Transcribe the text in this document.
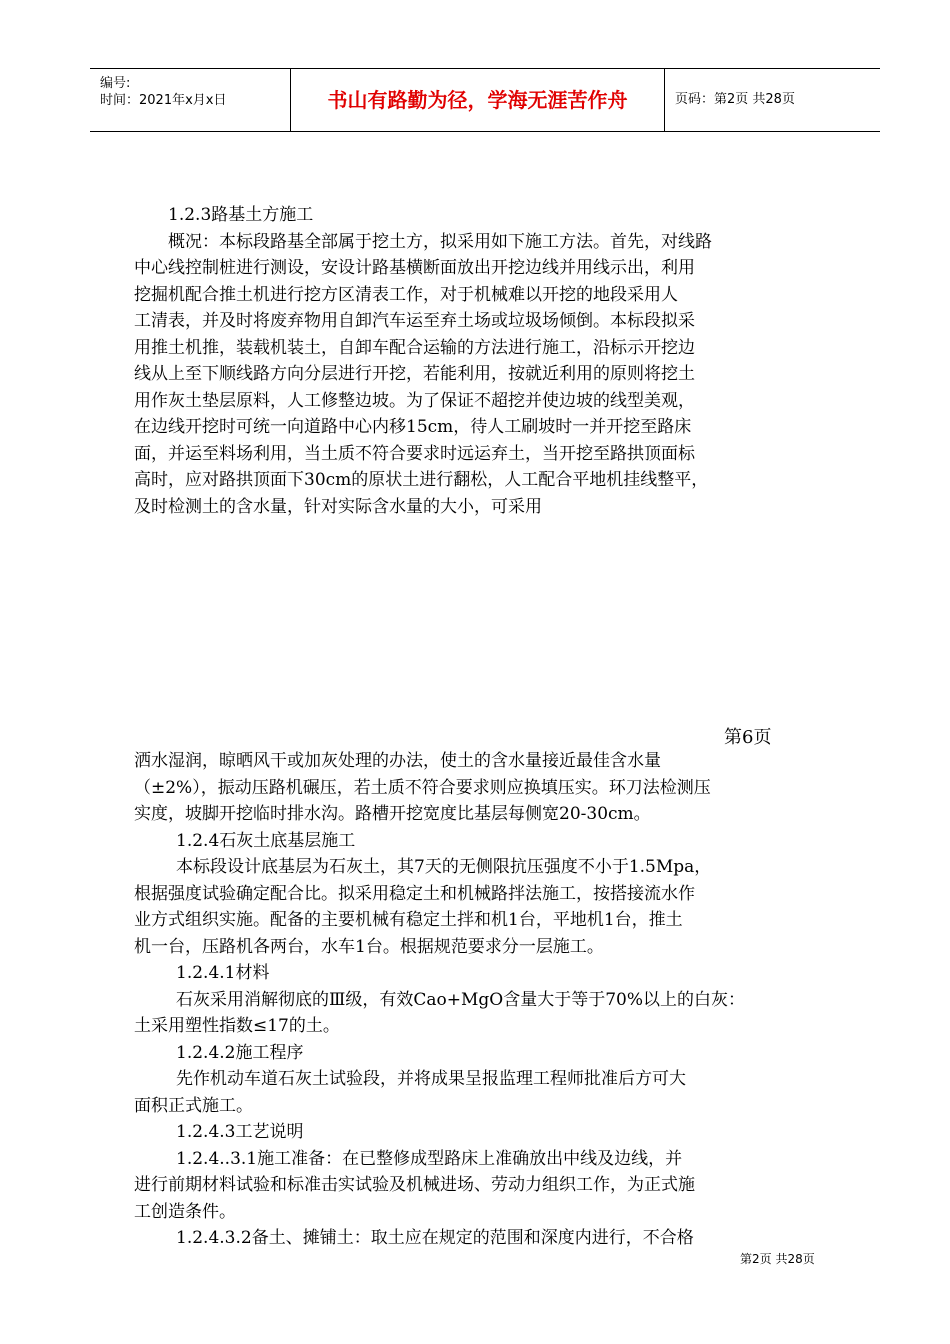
编号:
时间：2021年x月x日	书山有路勤为径，学海无涯苦作舟	页码：第2页 共28页

1.2.3路基土方施工

概况：本标段路基全部属于挖土方，拟采用如下施工方法。首先，对线路

中心线控制桩进行测设，安设计路基横断面放出开挖边线并用线示出，利用

挖掘机配合推土机进行挖方区清表工作，对于机械难以开挖的地段采用人

工清表，并及时将废弃物用自卸汽车运至弃土场或垃圾场倾倒。本标段拟采

用推土机推，装载机装土，自卸车配合运输的方法进行施工，沿标示开挖边

线从上至下顺线路方向分层进行开挖，若能利用，按就近利用的原则将挖土

用作灰土垫层原料，人工修整边坡。为了保证不超挖并使边坡的线型美观，

在边线开挖时可统一向道路中心内移15cm，待人工刷坡时一并开挖至路床

面，并运至料场利用，当土质不符合要求时远运弃土，当开挖至路拱顶面标

高时，应对路拱顶面下30cm的原状土进行翻松，人工配合平地机挂线整平，

及时检测土的含水量，针对实际含水量的大小，可采用

第6页

洒水湿润，晾晒风干或加灰处理的办法，使土的含水量接近最佳含水量

（±2%），振动压路机碾压，若土质不符合要求则应换填压实。环刀法检测压

实度，坡脚开挖临时排水沟。路槽开挖宽度比基层每侧宽20-30cm。

1.2.4石灰土底基层施工

本标段设计底基层为石灰土，其7天的无侧限抗压强度不小于1.5Mpa，

根据强度试验确定配合比。拟采用稳定土和机械路拌法施工，按搭接流水作

业方式组织实施。配备的主要机械有稳定土拌和机1台，平地机1台，推土

机一台，压路机各两台，水车1台。根据规范要求分一层施工。

1.2.4.1材料

石灰采用消解彻底的Ⅲ级，有效Cao+MgO含量大于等于70%以上的白灰：

土采用塑性指数≤17的土。

1.2.4.2施工程序

先作机动车道石灰土试验段，并将成果呈报监理工程师批准后方可大

面积正式施工。

1.2.4.3工艺说明

1.2.4..3.1施工准备：在已整修成型路床上准确放出中线及边线，并

进行前期材料试验和标准击实试验及机械进场、劳动力组织工作，为正式施

工创造条件。

1.2.4.3.2备土、摊铺土：取土应在规定的范围和深度内进行，不合格

第2页 共28页
